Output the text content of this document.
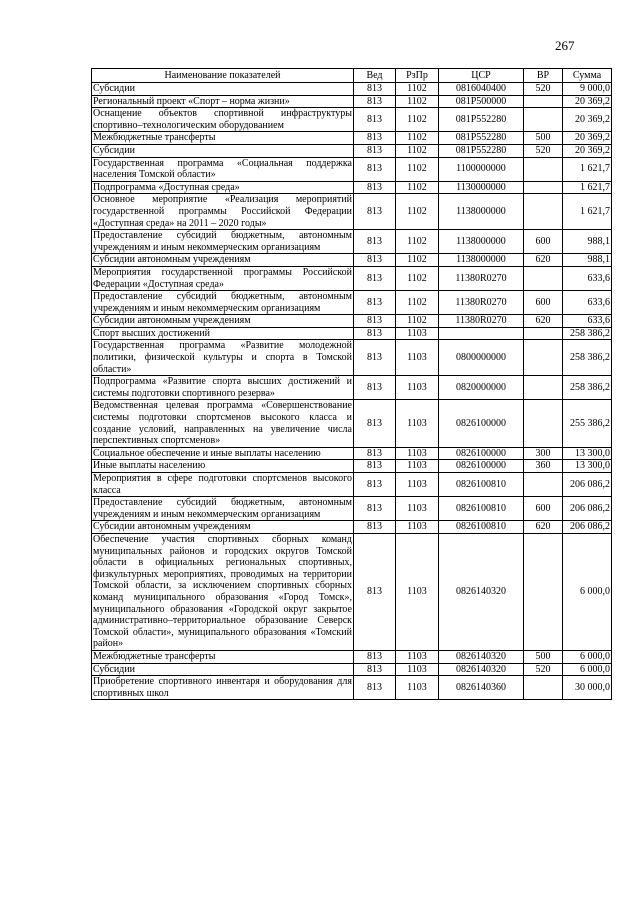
267
Наименование показателей	Вед	РзПр	ЦСР	ВР	Сумма
Субсидии	813	1102	0816040400	520	9 000,0
Региональный проект «Спорт – норма жизни»	813	1102	081P500000		20 369,2
Оснащение объектов спортивной инфраструктуры спортивно–технологическим оборудованием	813	1102	081P552280		20 369,2
Межбюджетные трансферты	813	1102	081P552280	500	20 369,2
Субсидии	813	1102	081P552280	520	20 369,2
Государственная программа «Социальная поддержка населения Томской области»	813	1102	1100000000		1 621,7
Подпрограмма «Доступная среда»	813	1102	1130000000		1 621,7
Основное мероприятие «Реализация мероприятий государственной программы Российской Федерации «Доступная среда» на 2011 – 2020 годы»	813	1102	1138000000		1 621,7
Предоставление субсидий бюджетным, автономным учреждениям и иным некоммерческим организациям	813	1102	1138000000	600	988,1
Субсидии автономным учреждениям	813	1102	1138000000	620	988,1
Мероприятия государственной программы Российской Федерации «Доступная среда»	813	1102	11380R0270		633,6
Предоставление субсидий бюджетным, автономным учреждениям и иным некоммерческим организациям	813	1102	11380R0270	600	633,6
Субсидии автономным учреждениям	813	1102	11380R0270	620	633,6
Спорт высших достижений	813	1103			258 386,2
Государственная программа «Развитие молодежной политики, физической культуры и спорта в Томской области»	813	1103	0800000000		258 386,2
Подпрограмма «Развитие спорта высших достижений и системы подготовки спортивного резерва»	813	1103	0820000000		258 386,2
Ведомственная целевая программа «Совершенствование системы подготовки спортсменов высокого класса и создание условий, направленных на увеличение числа перспективных спортсменов»	813	1103	0826100000		255 386,2
Социальное обеспечение и иные выплаты населению	813	1103	0826100000	300	13 300,0
Иные выплаты населению	813	1103	0826100000	360	13 300,0
Мероприятия в сфере подготовки спортсменов высокого класса	813	1103	0826100810		206 086,2
Предоставление субсидий бюджетным, автономным учреждениям и иным некоммерческим организациям	813	1103	0826100810	600	206 086,2
Субсидии автономным учреждениям	813	1103	0826100810	620	206 086,2
Обеспечение участия спортивных сборных команд муниципальных районов и городских округов Томской области в официальных региональных спортивных, физкультурных мероприятиях, проводимых на территории Томской области, за исключением спортивных сборных команд муниципального образования «Город Томск», муниципального образования «Городской округ закрытое административно–территориальное образование Северск Томской области», муниципального образования «Томский район»	813	1103	0826140320		6 000,0
Межбюджетные трансферты	813	1103	0826140320	500	6 000,0
Субсидии	813	1103	0826140320	520	6 000,0
Приобретение спортивного инвентаря и оборудования для спортивных школ	813	1103	0826140360		30 000,0
